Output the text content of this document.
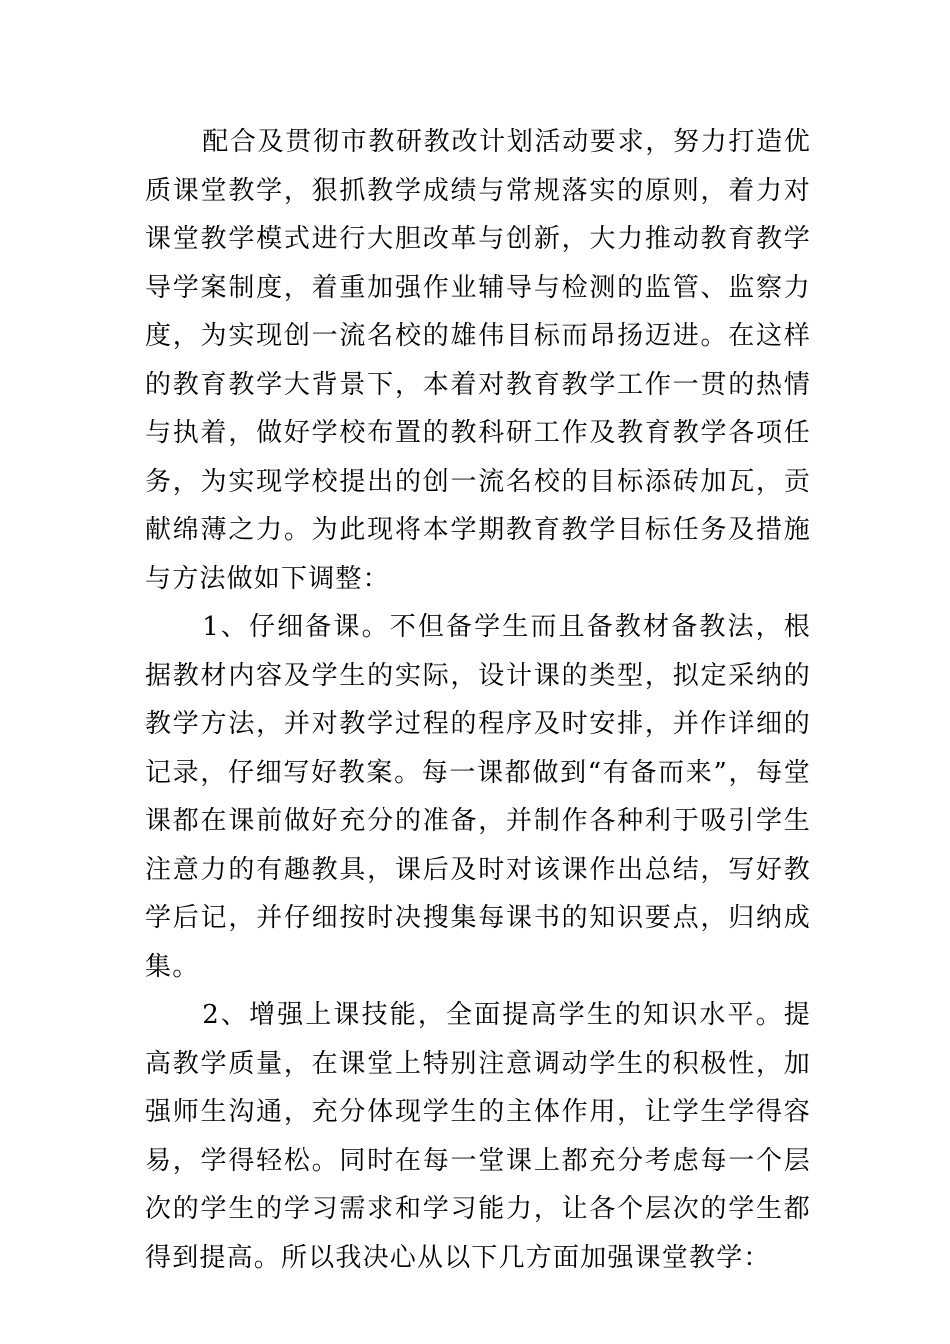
配合及贯彻市教研教改计划活动要求，努力打造优质课堂教学，狠抓教学成绩与常规落实的原则，着力对课堂教学模式进行大胆改革与创新，大力推动教育教学导学案制度，着重加强作业辅导与检测的监管、监察力度，为实现创一流名校的雄伟目标而昂扬迈进。在这样的教育教学大背景下，本着对教育教学工作一贯的热情与执着，做好学校布置的教科研工作及教育教学各项任务，为实现学校提出的创一流名校的目标添砖加瓦，贡献绵薄之力。为此现将本学期教育教学目标任务及措施与方法做如下调整：

1、仔细备课。不但备学生而且备教材备教法，根据教材内容及学生的实际，设计课的类型，拟定采纳的教学方法，并对教学过程的程序及时安排，并作详细的记录，仔细写好教案。每一课都做到“有备而来”，每堂课都在课前做好充分的准备，并制作各种利于吸引学生注意力的有趣教具，课后及时对该课作出总结，写好教学后记，并仔细按时决搜集每课书的知识要点，归纳成集。

2、增强上课技能，全面提高学生的知识水平。提高教学质量，在课堂上特别注意调动学生的积极性，加强师生沟通，充分体现学生的主体作用，让学生学得容易，学得轻松。同时在每一堂课上都充分考虑每一个层次的学生的学习需求和学习能力，让各个层次的学生都得到提高。所以我决心从以下几方面加强课堂教学：
